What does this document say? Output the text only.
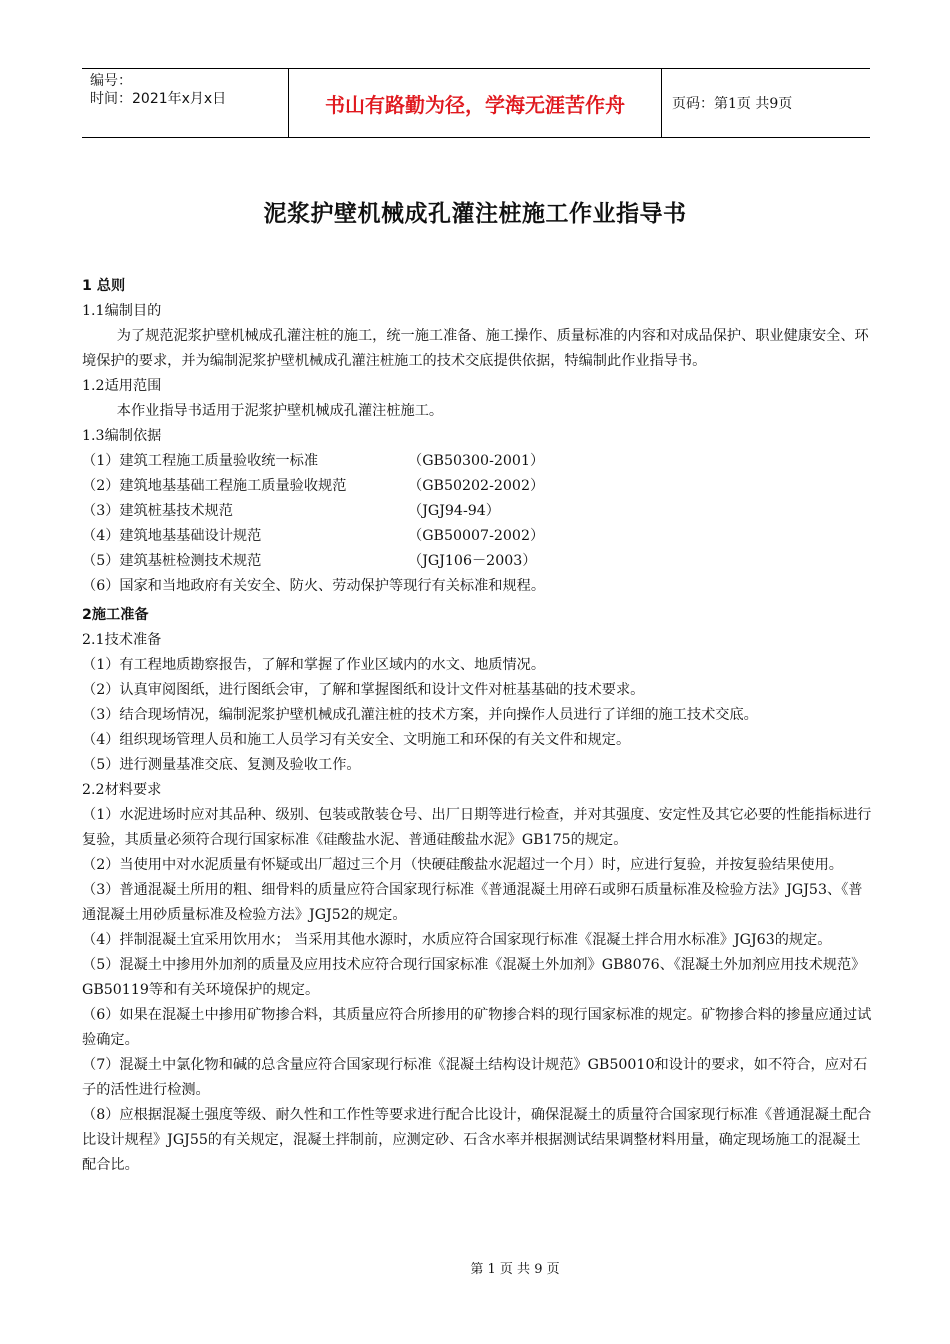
编号：
时间：2021年x月x日	书山有路勤为径，学海无涯苦作舟	页码：第1页 共9页
泥浆护壁机械成孔灌注桩施工作业指导书

1 总则

1.1编制目的

为了规范泥浆护壁机械成孔灌注桩的施工，统一施工准备、施工操作、质量标准的内容和对成品保护、职业健康安全、环境保护的要求，并为编制泥浆护壁机械成孔灌注桩施工的技术交底提供依据，特编制此作业指导书。

1.2适用范围

本作业指导书适用于泥浆护壁机械成孔灌注桩施工。

1.3编制依据

（1）建筑工程施工质量验收统一标准	（GB50300-2001）
（2）建筑地基基础工程施工质量验收规范	（GB50202-2002）
（3）建筑桩基技术规范	（JGJ94-94）
（4）建筑地基基础设计规范	（GB50007-2002）
（5）建筑基桩检测技术规范	（JGJ106－2003）

（6）国家和当地政府有关安全、防火、劳动保护等现行有关标准和规程。

2施工准备

2.1技术准备

（1）有工程地质勘察报告，了解和掌握了作业区域内的水文、地质情况。

（2）认真审阅图纸，进行图纸会审，了解和掌握图纸和设计文件对桩基基础的技术要求。

（3）结合现场情况，编制泥浆护壁机械成孔灌注桩的技术方案，并向操作人员进行了详细的施工技术交底。

（4）组织现场管理人员和施工人员学习有关安全、文明施工和环保的有关文件和规定。

（5）进行测量基准交底、复测及验收工作。

2.2材料要求

（1）水泥进场时应对其品种、级别、包装或散装仓号、出厂日期等进行检查，并对其强度、安定性及其它必要的性能指标进行复验，其质量必须符合现行国家标准《硅酸盐水泥、普通硅酸盐水泥》GB175的规定。

（2）当使用中对水泥质量有怀疑或出厂超过三个月（快硬硅酸盐水泥超过一个月）时，应进行复验，并按复验结果使用。

（3）普通混凝土所用的粗、细骨料的质量应符合国家现行标准《普通混凝土用碎石或卵石质量标准及检验方法》JGJ53、《普通混凝土用砂质量标准及检验方法》JGJ52的规定。

（4）拌制混凝土宜采用饮用水； 当采用其他水源时，水质应符合国家现行标准《混凝土拌合用水标准》JGJ63的规定。

（5）混凝土中掺用外加剂的质量及应用技术应符合现行国家标准《混凝土外加剂》GB8076、《混凝土外加剂应用技术规范》GB50119等和有关环境保护的规定。

（6）如果在混凝土中掺用矿物掺合料，其质量应符合所掺用的矿物掺合料的现行国家标准的规定。矿物掺合料的掺量应通过试验确定。

（7）混凝土中氯化物和碱的总含量应符合国家现行标准《混凝土结构设计规范》GB50010和设计的要求，如不符合，应对石子的活性进行检测。

（8）应根据混凝土强度等级、耐久性和工作性等要求进行配合比设计，确保混凝土的质量符合国家现行标准《普通混凝土配合比设计规程》JGJ55的有关规定，混凝土拌制前，应测定砂、石含水率并根据测试结果调整材料用量，确定现场施工的混凝土配合比。

第 1 页 共 9 页
